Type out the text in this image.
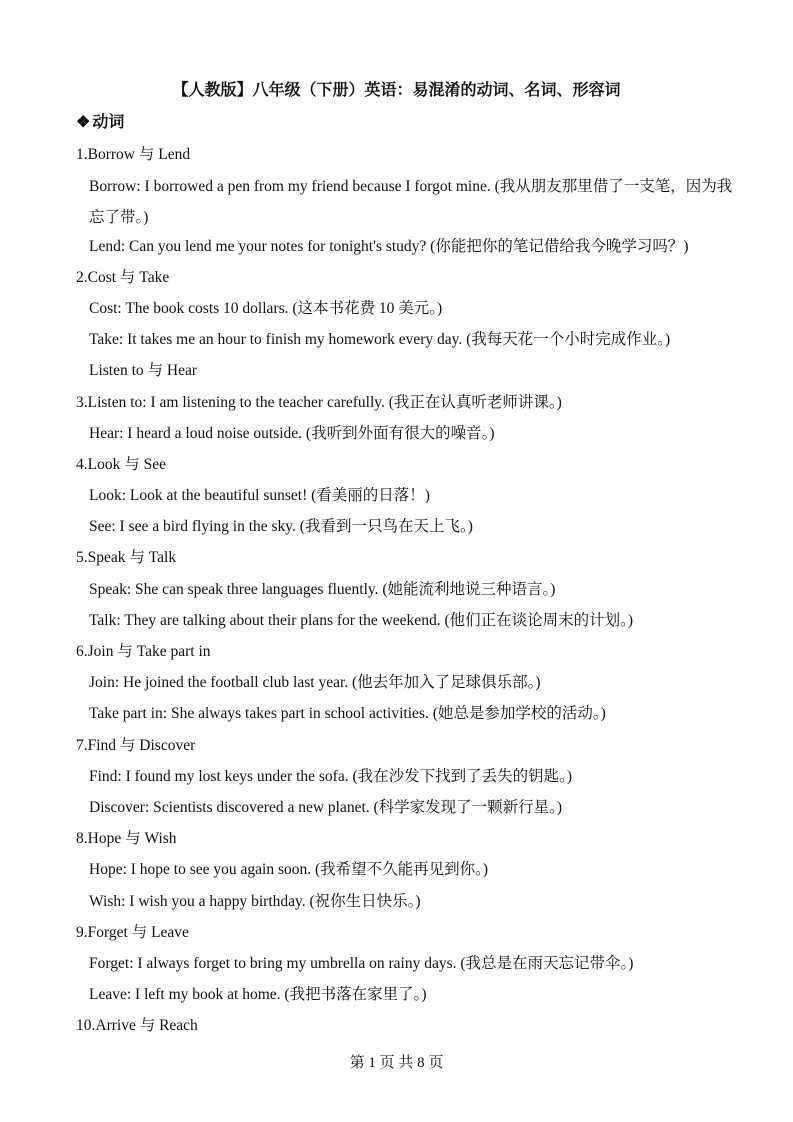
【人教版】八年级（下册）英语：易混淆的动词、名词、形容词
❖ 动词
1.Borrow 与 Lend
Borrow: I borrowed a pen from my friend because I forgot mine. (我从朋友那里借了一支笔，因为我忘了带。)
Lend: Can you lend me your notes for tonight's study? (你能把你的笔记借给我今晚学习吗？)
2.Cost 与 Take
Cost: The book costs 10 dollars. (这本书花费 10 美元。)
Take: It takes me an hour to finish my homework every day. (我每天花一个小时完成作业。)
Listen to 与 Hear
3.Listen to: I am listening to the teacher carefully. (我正在认真听老师讲课。)
Hear: I heard a loud noise outside. (我听到外面有很大的噪音。)
4.Look 与 See
Look: Look at the beautiful sunset! (看美丽的日落！)
See: I see a bird flying in the sky. (我看到一只鸟在天上飞。)
5.Speak 与 Talk
Speak: She can speak three languages fluently. (她能流利地说三种语言。)
Talk: They are talking about their plans for the weekend. (他们正在谈论周末的计划。)
6.Join 与 Take part in
Join: He joined the football club last year. (他去年加入了足球俱乐部。)
Take part in: She always takes part in school activities. (她总是参加学校的活动。)
7.Find 与 Discover
Find: I found my lost keys under the sofa. (我在沙发下找到了丢失的钥匙。)
Discover: Scientists discovered a new planet. (科学家发现了一颗新行星。)
8.Hope 与 Wish
Hope: I hope to see you again soon. (我希望不久能再见到你。)
Wish: I wish you a happy birthday. (祝你生日快乐。)
9.Forget 与 Leave
Forget: I always forget to bring my umbrella on rainy days. (我总是在雨天忘记带伞。)
Leave: I left my book at home. (我把书落在家里了。)
10.Arrive 与 Reach
第 1 页 共 8 页
